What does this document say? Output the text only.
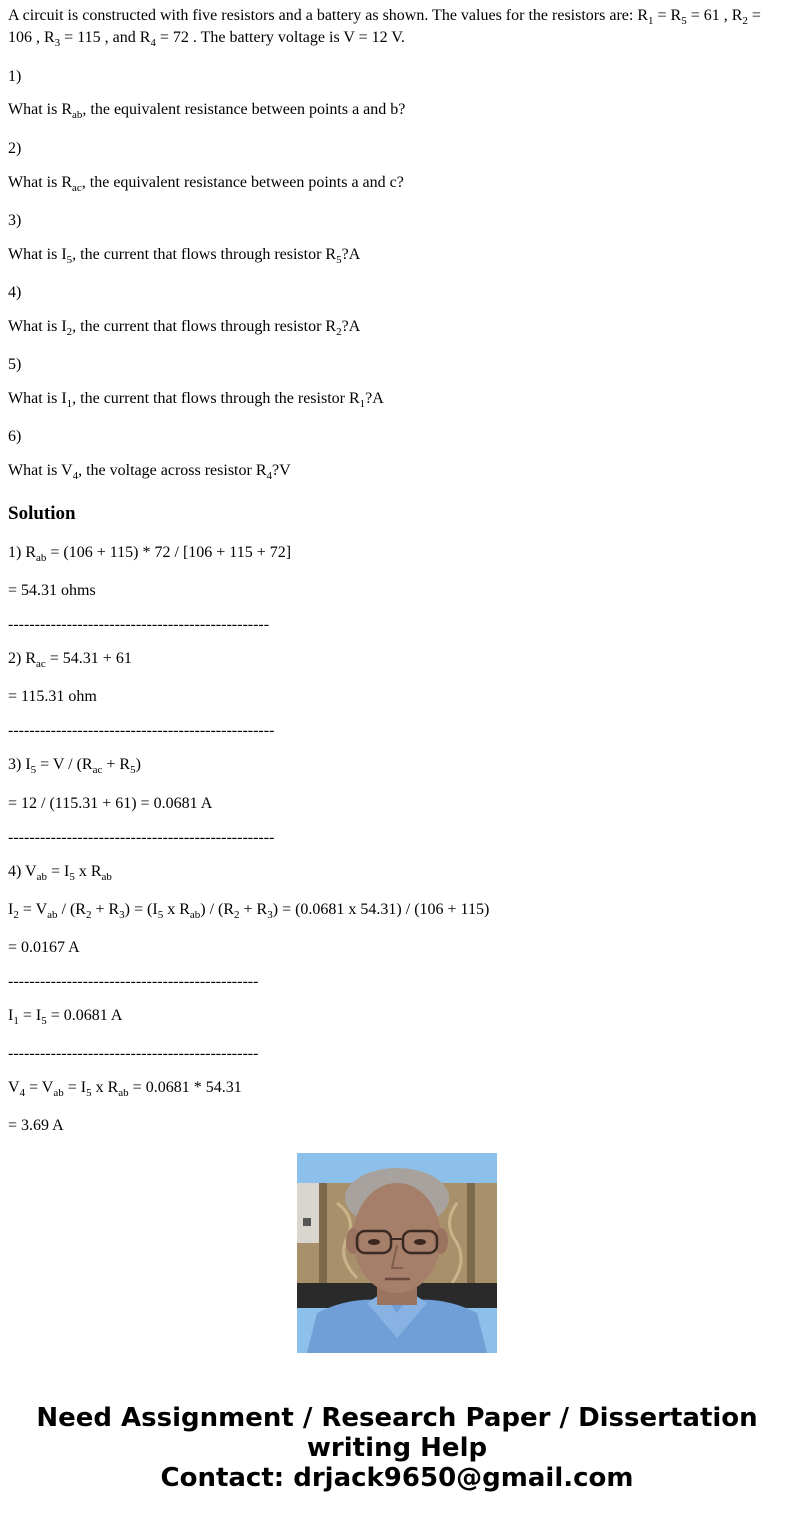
A circuit is constructed with five resistors and a battery as shown. The values for the resistors are: $R_1 = R_5 = 61$ , $R_2 = 106$ , $R_3 = 115$ , and $R_4 = 72$ . The battery voltage is V = 12 V.

1)

What is $R_{ab}$, the equivalent resistance between points a and b?

2)

What is $R_{ac}$, the equivalent resistance between points a and c?

3)

What is $I_5$, the current that flows through resistor $R_5?A$

4)

What is $I_2$, the current that flows through resistor $R_2?A$

5)

What is $I_1$, the current that flows through the resistor $R_1?A$

6)

What is $V_4$, the voltage across resistor $R_4?V$

Solution

1) $R_{ab} = (106 + 115) * 72 / [106 + 115 + 72]$

= 54.31 ohms

-------------------------------------------------

2) $R_{ac} = 54.31 + 61$

= 115.31 ohm

--------------------------------------------------

3) $I_5 = V / (R_{ac} + R_5)$

= 12 / (115.31 + 61) = 0.0681 A

--------------------------------------------------

4) $V_{ab} = I_5$ x $R_{ab}$

$I_2 = V_{ab} / (R_2 + R_3) = (I_5$ x $R_{ab}) / (R_2 + R_3) = (0.0681$ x 54.31) / (106 + 115)

= 0.0167 A

-----------------------------------------------

$I_1 = I_5 = 0.0681$ A

-----------------------------------------------

$V_4 = V_{ab} = I_5$ x $R_{ab} = 0.0681 * 54.31$

= 3.69 A

Need Assignment / Research Paper / Dissertation
writing Help
Contact: drjack9650@gmail.com
